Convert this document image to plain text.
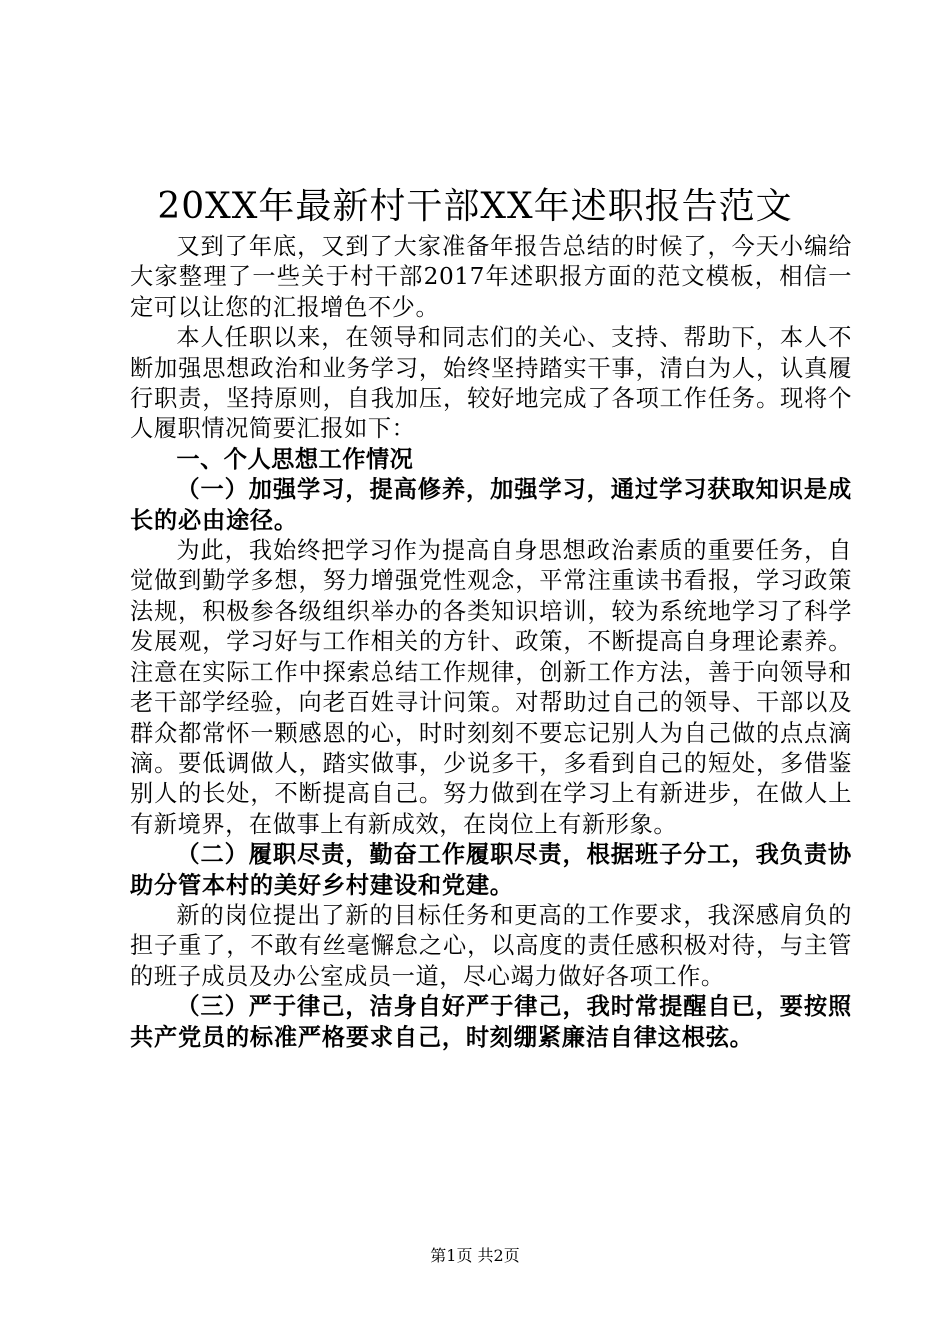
20XX年最新村干部XX年述职报告范文

又到了年底，又到了大家准备年报告总结的时候了，今天小编给大家整理了一些关于村干部2017年述职报方面的范文模板，相信一定可以让您的汇报增色不少。

本人任职以来，在领导和同志们的关心、支持、帮助下，本人不断加强思想政治和业务学习，始终坚持踏实干事，清白为人，认真履行职责，坚持原则，自我加压，较好地完成了各项工作任务。现将个人履职情况简要汇报如下：

一、个人思想工作情况

（一）加强学习，提高修养，加强学习，通过学习获取知识是成长的必由途径。

为此，我始终把学习作为提高自身思想政治素质的重要任务，自觉做到勤学多想，努力增强党性观念，平常注重读书看报，学习政策法规，积极参各级组织举办的各类知识培训，较为系统地学习了科学发展观，学习好与工作相关的方针、政策，不断提高自身理论素养。注意在实际工作中探索总结工作规律，创新工作方法，善于向领导和老干部学经验，向老百姓寻计问策。对帮助过自己的领导、干部以及群众都常怀一颗感恩的心，时时刻刻不要忘记别人为自己做的点点滴滴。要低调做人，踏实做事，少说多干，多看到自己的短处，多借鉴别人的长处，不断提高自己。努力做到在学习上有新进步，在做人上有新境界，在做事上有新成效，在岗位上有新形象。

（二）履职尽责，勤奋工作履职尽责，根据班子分工，我负责协助分管本村的美好乡村建设和党建。

新的岗位提出了新的目标任务和更高的工作要求，我深感肩负的担子重了，不敢有丝毫懈怠之心，以高度的责任感积极对待，与主管的班子成员及办公室成员一道，尽心竭力做好各项工作。

（三）严于律己，洁身自好严于律己，我时常提醒自已，要按照共产党员的标准严格要求自己，时刻绷紧廉洁自律这根弦。

第1页 共2页
